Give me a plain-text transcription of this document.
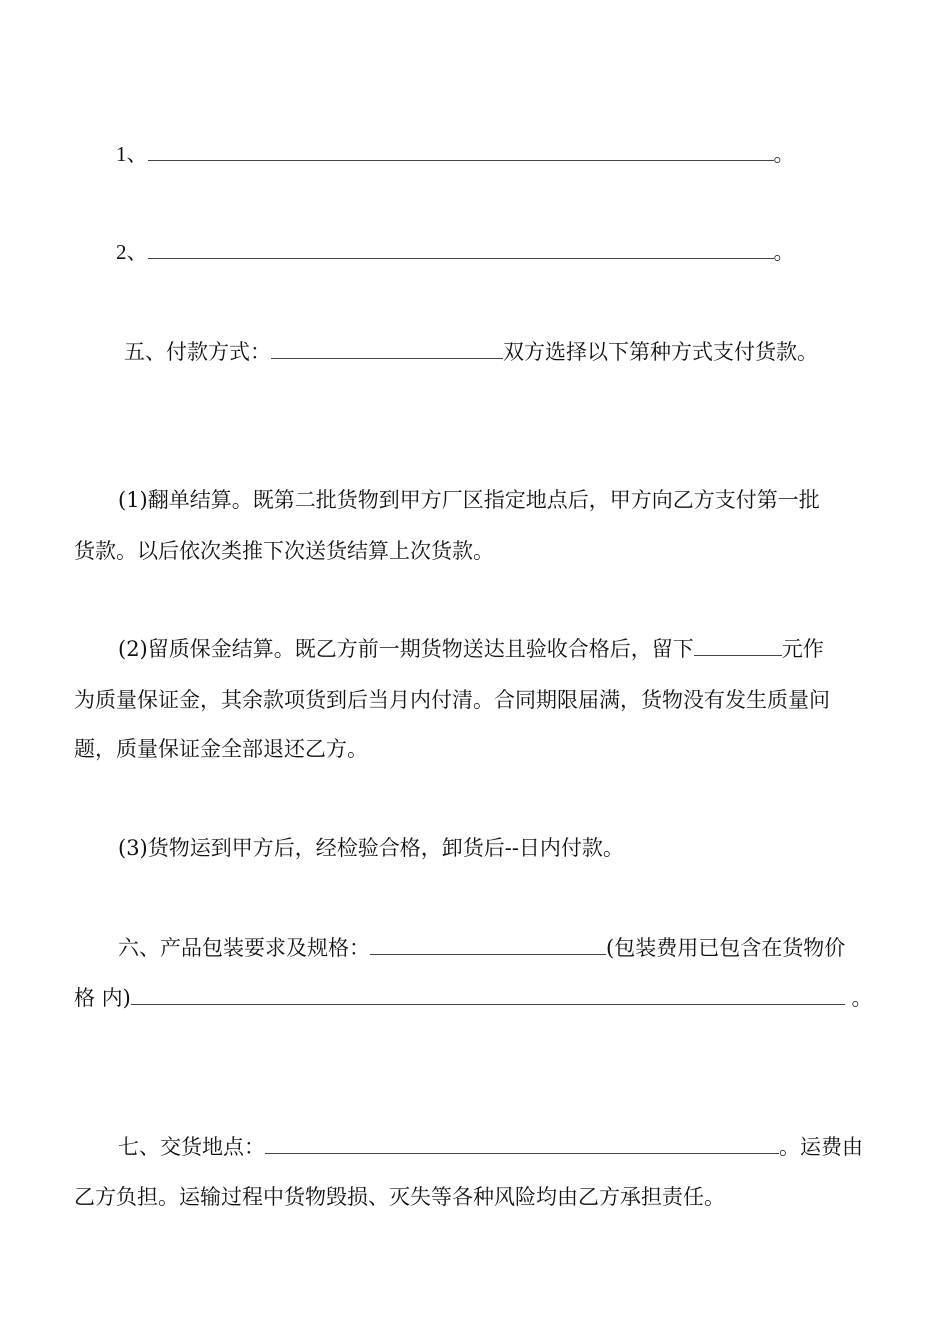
1、	。
2、	。
五、付款方式：	双方选择以下第种方式支付货款。
(1)翻单结算。既第二批货物到甲方厂区指定地点后，甲方向乙方支付第一批
货款。以后依次类推下次送货结算上次货款。
(2)留质保金结算。既乙方前一期货物送达且验收合格后，留下	元作
为质量保证金，其余款项货到后当月内付清。合同期限届满，货物没有发生质量问
题，质量保证金全部退还乙方。
(3)货物运到甲方后，经检验合格，卸货后--日内付款。
六、产品包装要求及规格：	(包装费用已包含在货物价
格 内)	。
七、交货地点：	。运费由
乙方负担。运输过程中货物毁损、灭失等各种风险均由乙方承担责任。
